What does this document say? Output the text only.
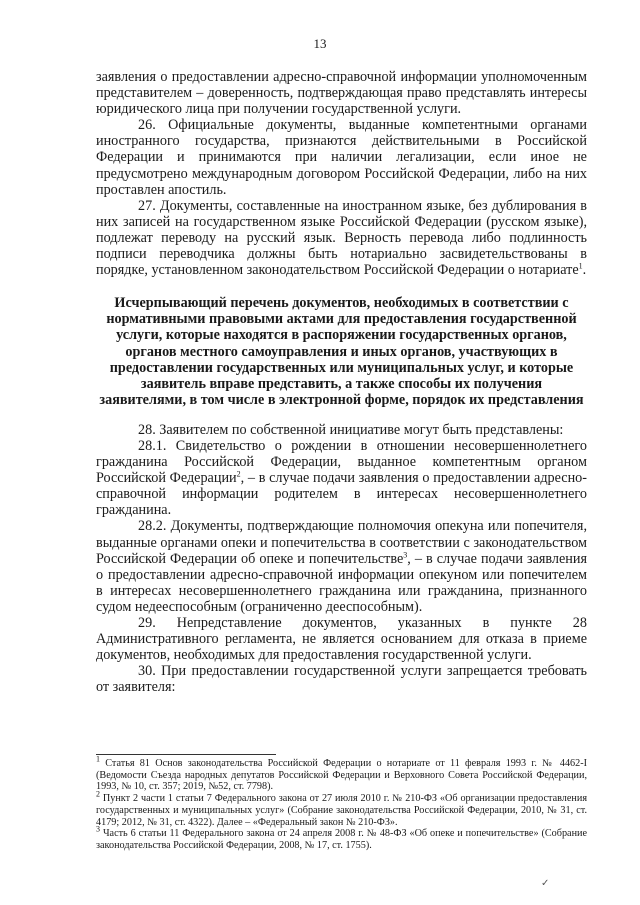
13

заявления о предоставлении адресно-справочной информации уполномоченным представителем – доверенность, подтверждающая право представлять интересы юридического лица при получении государственной услуги.

26. Официальные документы, выданные компетентными органами иностранного государства, признаются действительными в Российской Федерации и принимаются при наличии легализации, если иное не предусмотрено международным договором Российской Федерации, либо на них проставлен апостиль.

27. Документы, составленные на иностранном языке, без дублирования в них записей на государственном языке Российской Федерации (русском языке), подлежат переводу на русский язык. Верность перевода либо подлинность подписи переводчика должны быть нотариально засвидетельствованы в порядке, установленном законодательством Российской Федерации о нотариате$^1$.

Исчерпывающий перечень документов, необходимых в соответствии с нормативными правовыми актами для предоставления государственной услуги, которые находятся в распоряжении государственных органов, органов местного самоуправления и иных органов, участвующих в предоставлении государственных или муниципальных услуг, и которые заявитель вправе представить, а также способы их получения заявителями, в том числе в электронной форме, порядок их представления

28. Заявителем по собственной инициативе могут быть представлены:

28.1. Свидетельство о рождении в отношении несовершеннолетнего гражданина Российской Федерации, выданное компетентным органом Российской Федерации$^2$, – в случае подачи заявления о предоставлении адресно-справочной информации родителем в интересах несовершеннолетнего гражданина.

28.2. Документы, подтверждающие полномочия опекуна или попечителя, выданные органами опеки и попечительства в соответствии с законодательством Российской Федерации об опеке и попечительстве$^3$, – в случае подачи заявления о предоставлении адресно-справочной информации опекуном или попечителем в интересах несовершеннолетнего гражданина или гражданина, признанного судом недееспособным (ограниченно дееспособным).

29. Непредставление документов, указанных в пункте 28 Административного регламента, не является основанием для отказа в приеме документов, необходимых для предоставления государственной услуги.

30. При предоставлении государственной услуги запрещается требовать от заявителя:

$^1$ Статья 81 Основ законодательства Российской Федерации о нотариате от 11 февраля 1993 г. № 4462-I (Ведомости Съезда народных депутатов Российской Федерации и Верховного Совета Российской Федерации, 1993, № 10, ст. 357; 2019, №52, ст. 7798).

$^2$ Пункт 2 части 1 статьи 7 Федерального закона от 27 июля 2010 г. № 210-ФЗ «Об организации предоставления государственных и муниципальных услуг» (Собрание законодательства Российской Федерации, 2010, № 31, ст. 4179; 2012, № 31, ст. 4322). Далее – «Федеральный закон № 210-ФЗ».

$^3$ Часть 6 статьи 11 Федерального закона от 24 апреля 2008 г. № 48-ФЗ «Об опеке и попечительстве» (Собрание законодательства Российской Федерации, 2008, № 17, ст. 1755).

✓
